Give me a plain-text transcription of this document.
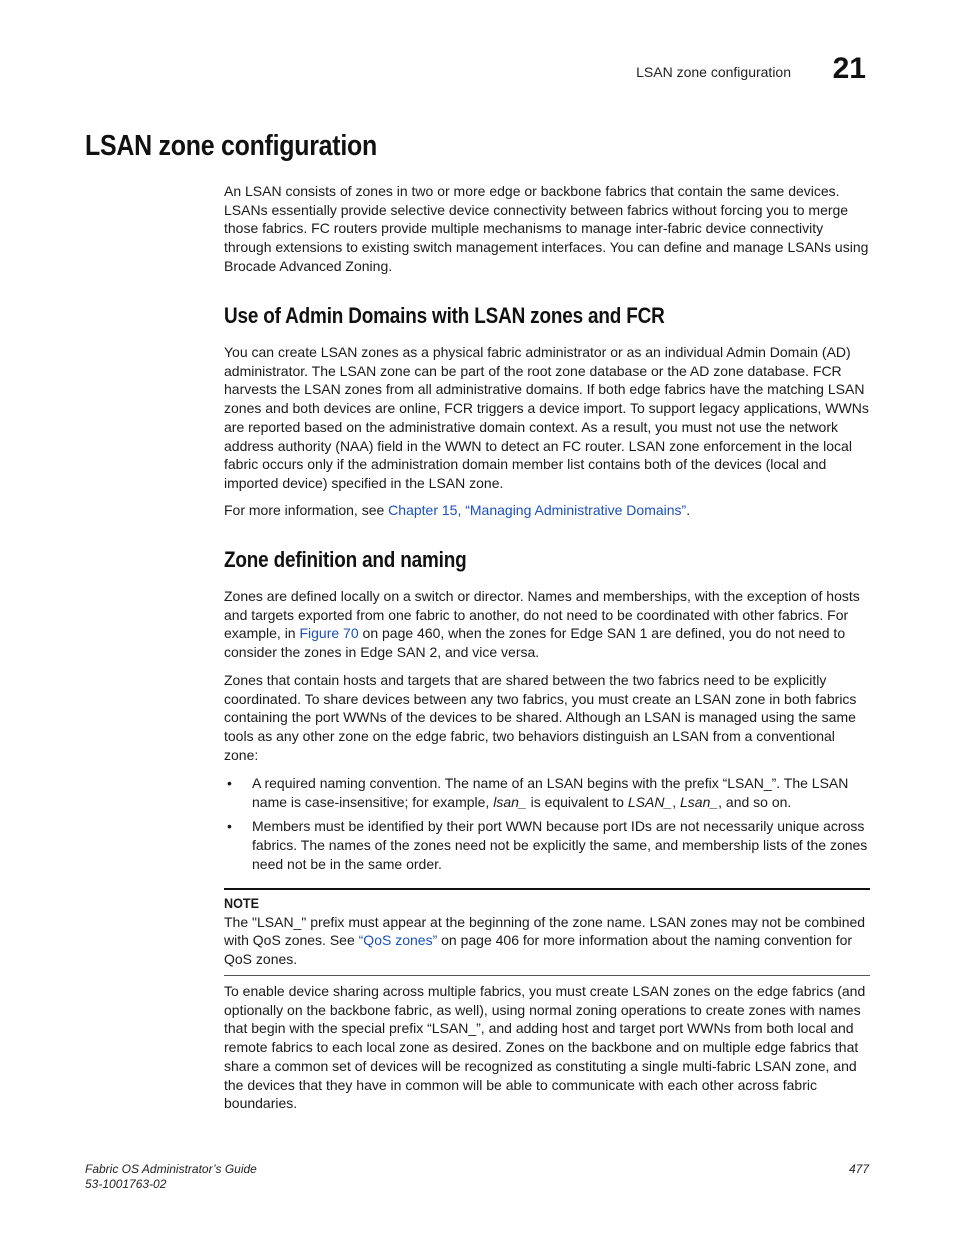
LSAN zone configuration 21
LSAN zone configuration

An LSAN consists of zones in two or more edge or backbone fabrics that contain the same devices. LSANs essentially provide selective device connectivity between fabrics without forcing you to merge those fabrics. FC routers provide multiple mechanisms to manage inter-fabric device connectivity through extensions to existing switch management interfaces. You can define and manage LSANs using Brocade Advanced Zoning.

Use of Admin Domains with LSAN zones and FCR

You can create LSAN zones as a physical fabric administrator or as an individual Admin Domain (AD) administrator. The LSAN zone can be part of the root zone database or the AD zone database. FCR harvests the LSAN zones from all administrative domains. If both edge fabrics have the matching LSAN zones and both devices are online, FCR triggers a device import. To support legacy applications, WWNs are reported based on the administrative domain context. As a result, you must not use the network address authority (NAA) field in the WWN to detect an FC router. LSAN zone enforcement in the local fabric occurs only if the administration domain member list contains both of the devices (local and imported device) specified in the LSAN zone.

For more information, see Chapter 15, “Managing Administrative Domains”.

Zone definition and naming

Zones are defined locally on a switch or director. Names and memberships, with the exception of hosts and targets exported from one fabric to another, do not need to be coordinated with other fabrics. For example, in Figure 70 on page 460, when the zones for Edge SAN 1 are defined, you do not need to consider the zones in Edge SAN 2, and vice versa.

Zones that contain hosts and targets that are shared between the two fabrics need to be explicitly coordinated. To share devices between any two fabrics, you must create an LSAN zone in both fabrics containing the port WWNs of the devices to be shared. Although an LSAN is managed using the same tools as any other zone on the edge fabric, two behaviors distinguish an LSAN from a conventional zone:

• A required naming convention. The name of an LSAN begins with the prefix “LSAN_”. The LSAN name is case-insensitive; for example, lsan_ is equivalent to LSAN_, Lsan_, and so on.
• Members must be identified by their port WWN because port IDs are not necessarily unique across fabrics. The names of the zones need not be explicitly the same, and membership lists of the zones need not be in the same order.
NOTE
The "LSAN_" prefix must appear at the beginning of the zone name. LSAN zones may not be combined with QoS zones. See “QoS zones” on page 406 for more information about the naming convention for QoS zones.

To enable device sharing across multiple fabrics, you must create LSAN zones on the edge fabrics (and optionally on the backbone fabric, as well), using normal zoning operations to create zones with names that begin with the special prefix “LSAN_”, and adding host and target port WWNs from both local and remote fabrics to each local zone as desired. Zones on the backbone and on multiple edge fabrics that share a common set of devices will be recognized as constituting a single multi-fabric LSAN zone, and the devices that they have in common will be able to communicate with each other across fabric boundaries.

Fabric OS Administrator’s Guide
53-1001763-02
477
